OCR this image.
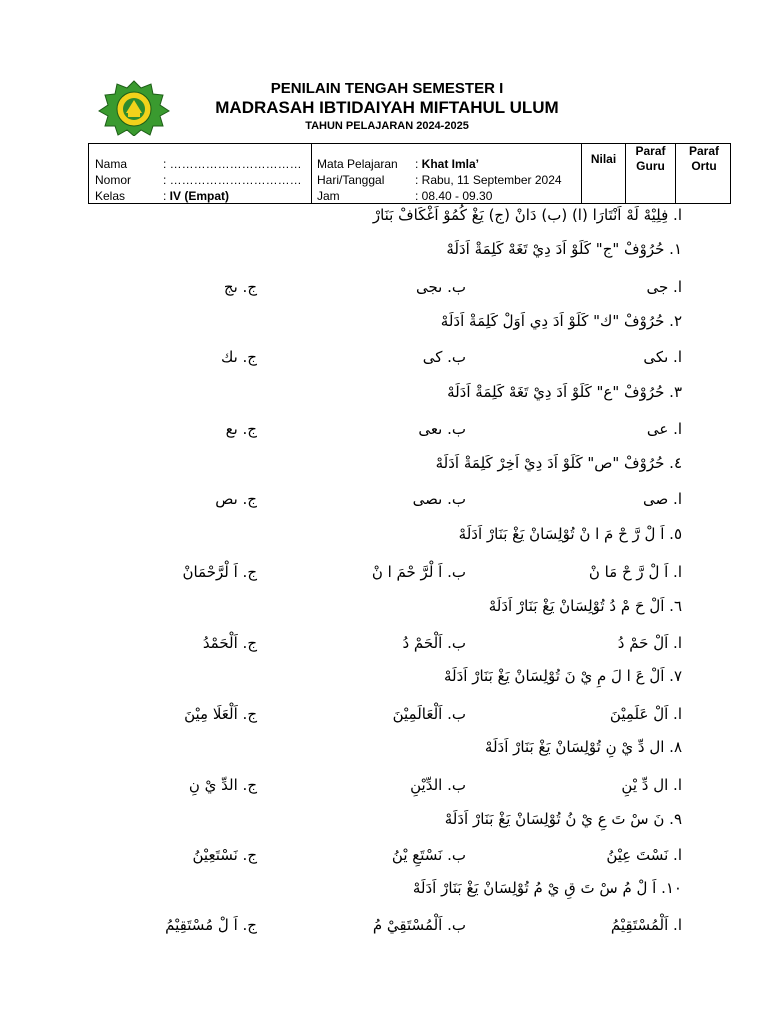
PENILAIN TENGAH SEMESTER I
MADRASAH IBTIDAIYAH MIFTAHUL ULUM
TAHUN PELAJARAN 2024-2025
Nama	: ……………………………
Nomor	: ……………………………
Kelas	: IV (Empat)
Mata Pelajaran : Khat Imla’
Hari/Tanggal	: Rabu, 11 September 2024
Jam	: 08.40 - 09.30
Nilai
Paraf
Guru
Paraf
Ortu
ا. فِلِيْهْ لَهْ اَنْتَارَا (ا) (ب) دَانْ (ج) يَغْ كُمُوْ اَغْكَافْ بَنَارْ
١. حُرُوْفْ "ج" كَلَوْ اَدَ دِيْ تَغَهْ كَلِمَةْ اَدَلَهْ
ا. جى
ب. ىجى
ج. ىج
٢. حُرُوْفْ "ك" كَلَوْ اَدَ دِي اَوَلْ كَلِمَةْ اَدَلَهْ
ا. ىكى
ب. كى
ج. ىك
٣. حُرُوْفْ "ع" كَلَوْ اَدَ دِيْ تَغَهْ كَلِمَةْ اَدَلَهْ
ا. عى
ب. ىعى
ج. ىع
٤. حُرُوْفْ "ص" كَلَوْ اَدَ دِيْ اَخِرْ كَلِمَةْ اَدَلَهْ
ا. صى
ب. ىصى
ج. ىص
٥. اَ لْ رَّ حْ مَ ا نْ تُوْلِسَانْ يَغْ بَنَارْ اَدَلَهْ
ا. اَ لْ رَّ حْ مَا نْ
ب. اَ لْرَّ حْمَ ا نْ
ج. اَ لْرَّحْمَانْ
٦. اَلْ حَ مْ دُ تُوْلِسَانْ يَغْ بَنَارْ اَدَلَهْ
ا. اَلْ حَمْ دُ
ب. اَلْحَمْ دُ
ج. اَلْحَمْدُ
٧. اَلْ عَ ا لَ مِ يْ نَ تُوْلِسَانْ يَغْ بَنَارْ اَدَلَهْ
ا. اَلْ عَلَمِيْنَ
ب. اَلْعَالَمِيْنَ
ج. اَلْعَلَا مِيْنَ
٨. ال دِّ يْ نِ تُوْلِسَانْ يَغْ بَنَارْ اَدَلَهْ
ا. ال دِّ يْنِ
ب. الدِّيْنِ
ج. الدِّ يْ نِ
٩. نَ سْ تَ عِ يْ نُ تُوْلِسَانْ يَغْ بَنَارْ اَدَلَهْ
ا. نَسْتَ عِيْنُ
ب. نَسْتَعِ يْنُ
ج. نَسْتَعِيْنُ
١٠. اَ لْ مُ سْ تَ قِ يْ مُ تُوْلِسَانْ يَغْ بَنَارْ اَدَلَهْ
ا. اَلْمُسْتَقِيْمُ
ب. اَلْمُسْتَقِيْ مُ
ج. اَ لْ مُسْتَقِيْمُ
